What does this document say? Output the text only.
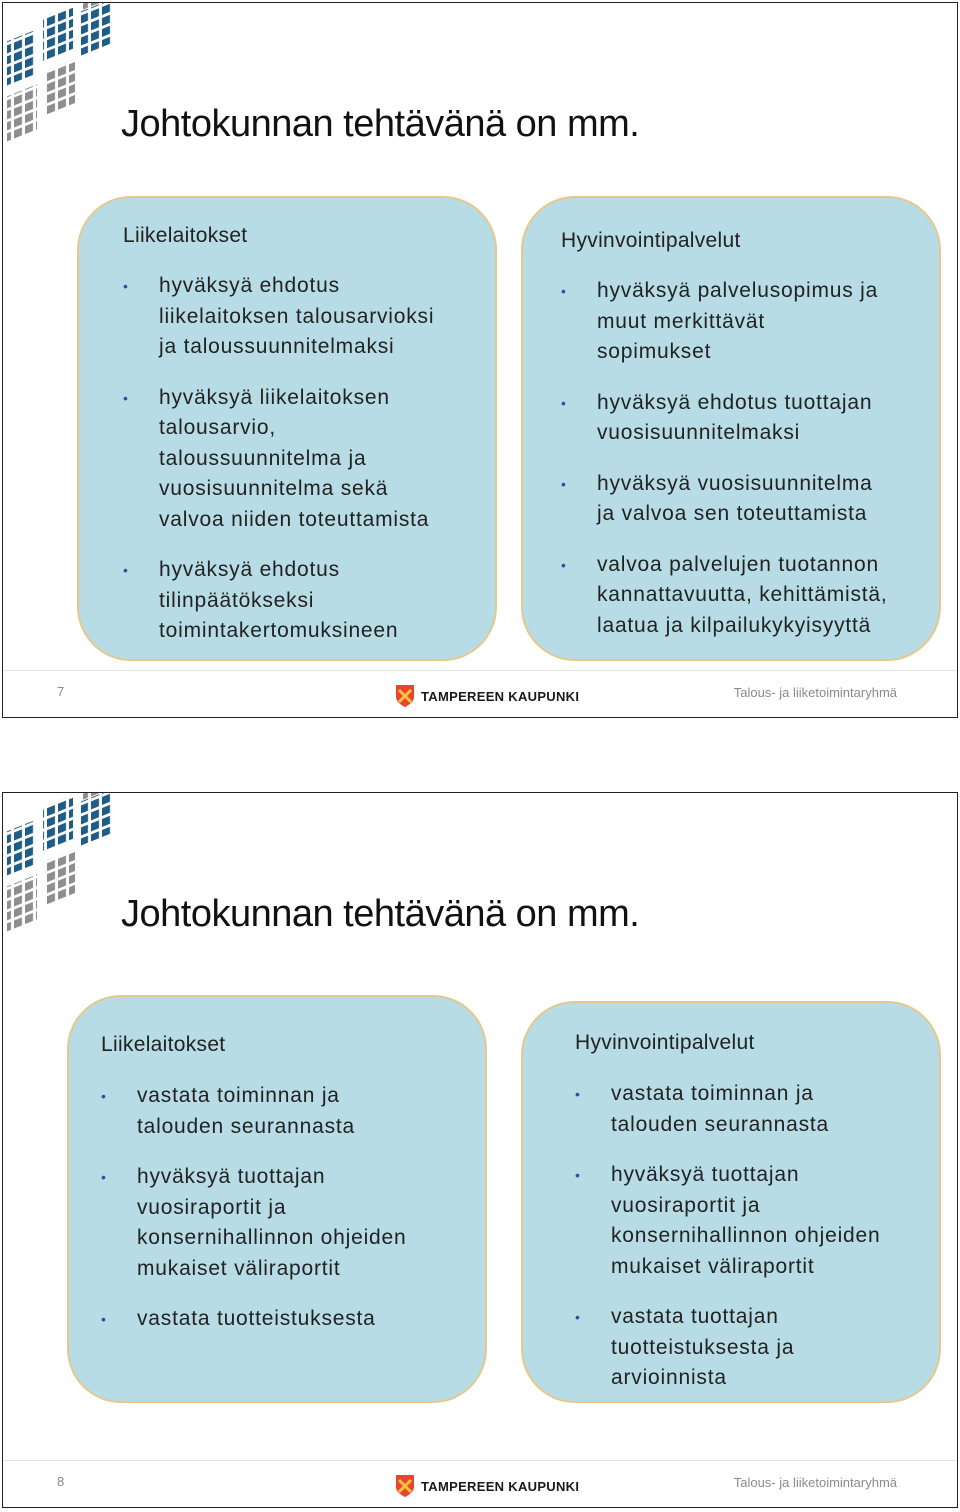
Johtokunnan tehtävänä on mm.
Liikelaitokset
• hyväksyä ehdotus
liikelaitoksen talousarvioksi
ja taloussuunnitelmaksi
• hyväksyä liikelaitoksen
talousarvio,
taloussuunnitelma ja
vuosisuunnitelma sekä
valvoa niiden toteuttamista
• hyväksyä ehdotus
tilinpäätökseksi
toimintakertomuksineen
Hyvinvointipalvelut
• hyväksyä palvelusopimus ja
muut merkittävät
sopimukset
• hyväksyä ehdotus tuottajan
vuosisuunnitelmaksi
• hyväksyä vuosisuunnitelma
ja valvoa sen toteuttamista
• valvoa palvelujen tuotannon
kannattavuutta, kehittämistä,
laatua ja kilpailukykyisyyttä
7	TAMPEREEN KAUPUNKI	Talous- ja liiketoimintaryhmä
Johtokunnan tehtävänä on mm.
Liikelaitokset
• vastata toiminnan ja
talouden seurannasta
• hyväksyä tuottajan
vuosiraportit ja
konsernihallinnon ohjeiden
mukaiset väliraportit
• vastata tuotteistuksesta
Hyvinvointipalvelut
• vastata toiminnan ja
talouden seurannasta
• hyväksyä tuottajan
vuosiraportit ja
konsernihallinnon ohjeiden
mukaiset väliraportit
• vastata tuottajan
tuotteistuksesta ja
arvioinnista
8	TAMPEREEN KAUPUNKI	Talous- ja liiketoimintaryhmä
